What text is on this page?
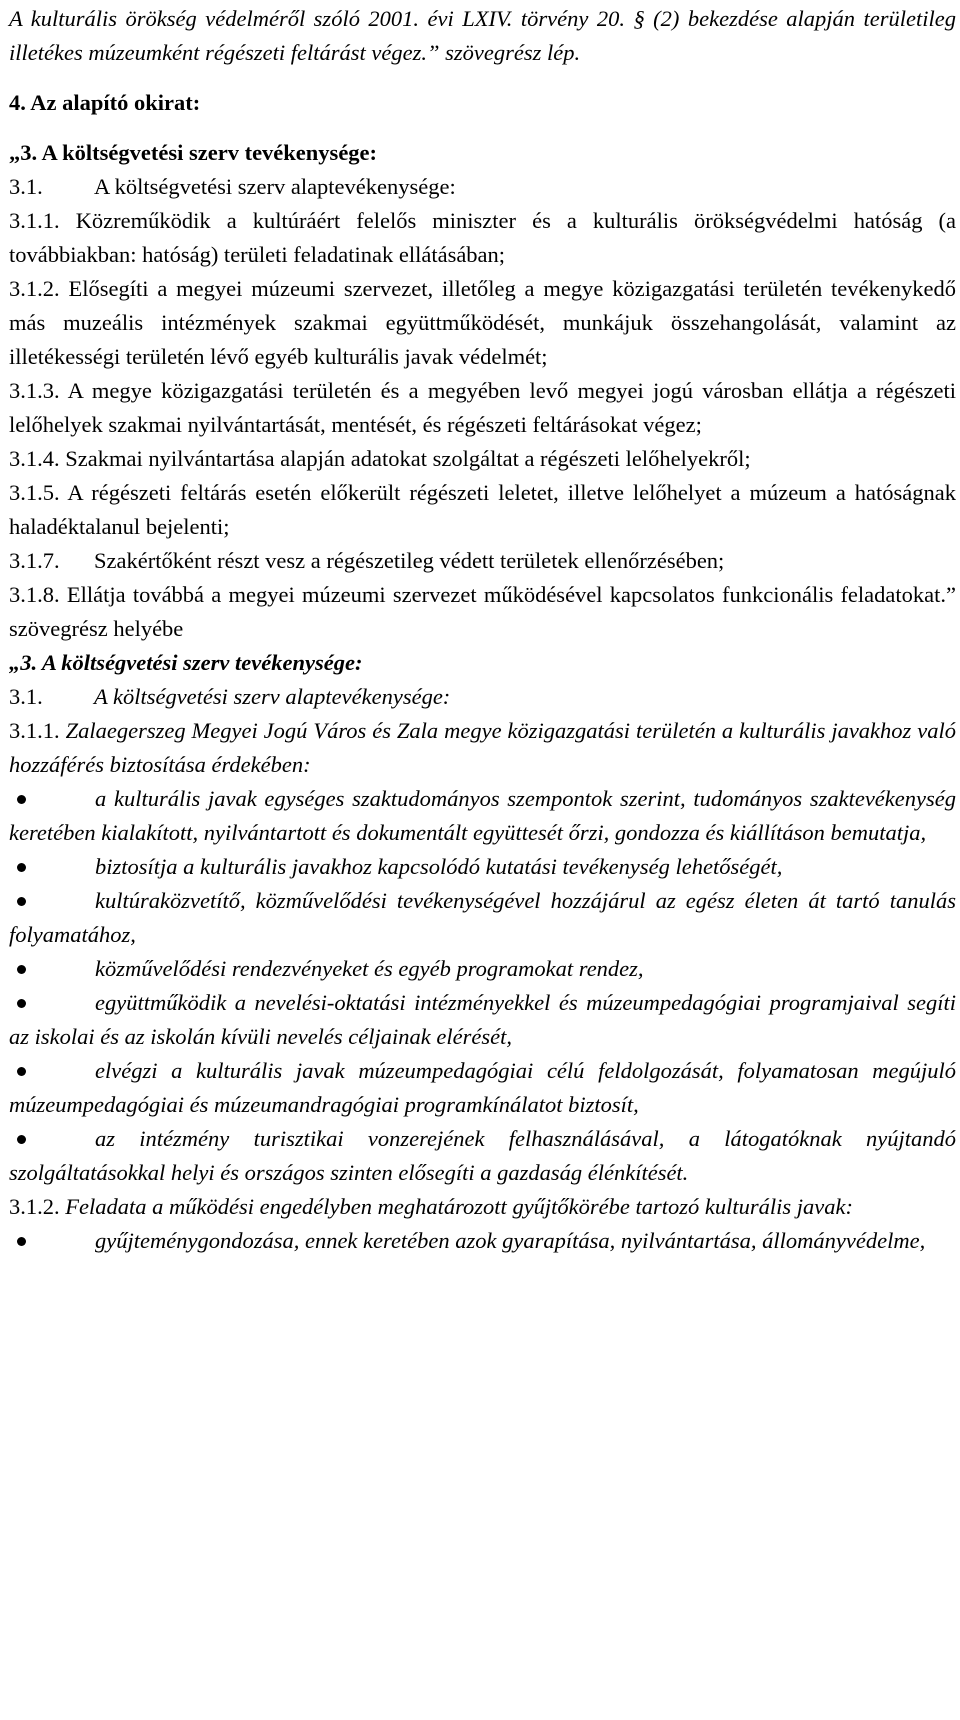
A kulturális örökség védelméről szóló 2001. évi LXIV. törvény 20. § (2) bekezdése alapján területileg illetékes múzeumként régészeti feltárást végez.” szövegrész lép.

4. Az alapító okirat:

„3. A költségvetési szerv tevékenysége:

3.1. A költségvetési szerv alaptevékenysége:

3.1.1. Közreműködik a kultúráért felelős miniszter és a kulturális örökségvédelmi hatóság (a továbbiakban: hatóság) területi feladatinak ellátásában;

3.1.2. Elősegíti a megyei múzeumi szervezet, illetőleg a megye közigazgatási területén tevékenykedő más muzeális intézmények szakmai együttműködését, munkájuk összehangolását, valamint az illetékességi területén lévő egyéb kulturális javak védelmét;

3.1.3. A megye közigazgatási területén és a megyében levő megyei jogú városban ellátja a régészeti lelőhelyek szakmai nyilvántartását, mentését, és régészeti feltárásokat végez;

3.1.4. Szakmai nyilvántartása alapján adatokat szolgáltat a régészeti lelőhelyekről;

3.1.5. A régészeti feltárás esetén előkerült régészeti leletet, illetve lelőhelyet a múzeum a hatóságnak haladéktalanul bejelenti;

3.1.7. Szakértőként részt vesz a régészetileg védett területek ellenőrzésében;

3.1.8. Ellátja továbbá a megyei múzeumi szervezet működésével kapcsolatos funkcionális feladatokat.” szövegrész helyébe

„3. A költségvetési szerv tevékenysége:

3.1. A költségvetési szerv alaptevékenysége:

3.1.1. Zalaegerszeg Megyei Jogú Város és Zala megye közigazgatási területén a kulturális javakhoz való hozzáférés biztosítása érdekében:

a kulturális javak egységes szaktudományos szempontok szerint, tudományos szaktevékenység keretében kialakított, nyilvántartott és dokumentált együttesét őrzi, gondozza és kiállításon bemutatja,

biztosítja a kulturális javakhoz kapcsolódó kutatási tevékenység lehetőségét,

kultúraközvetítő, közművelődési tevékenységével hozzájárul az egész életen át tartó tanulás folyamatához,

közművelődési rendezvényeket és egyéb programokat rendez,

együttműködik a nevelési-oktatási intézményekkel és múzeumpedagógiai programjaival segíti az iskolai és az iskolán kívüli nevelés céljainak elérését,

elvégzi a kulturális javak múzeumpedagógiai célú feldolgozását, folyamatosan megújuló múzeumpedagógiai és múzeumandragógiai programkínálatot biztosít,

az intézmény turisztikai vonzerejének felhasználásával, a látogatóknak nyújtandó szolgáltatásokkal helyi és országos szinten elősegíti a gazdaság élénkítését.

3.1.2. Feladata a működési engedélyben meghatározott gyűjtőkörébe tartozó kulturális javak:

gyűjteménygondozása, ennek keretében azok gyarapítása, nyilvántartása, állományvédelme,
